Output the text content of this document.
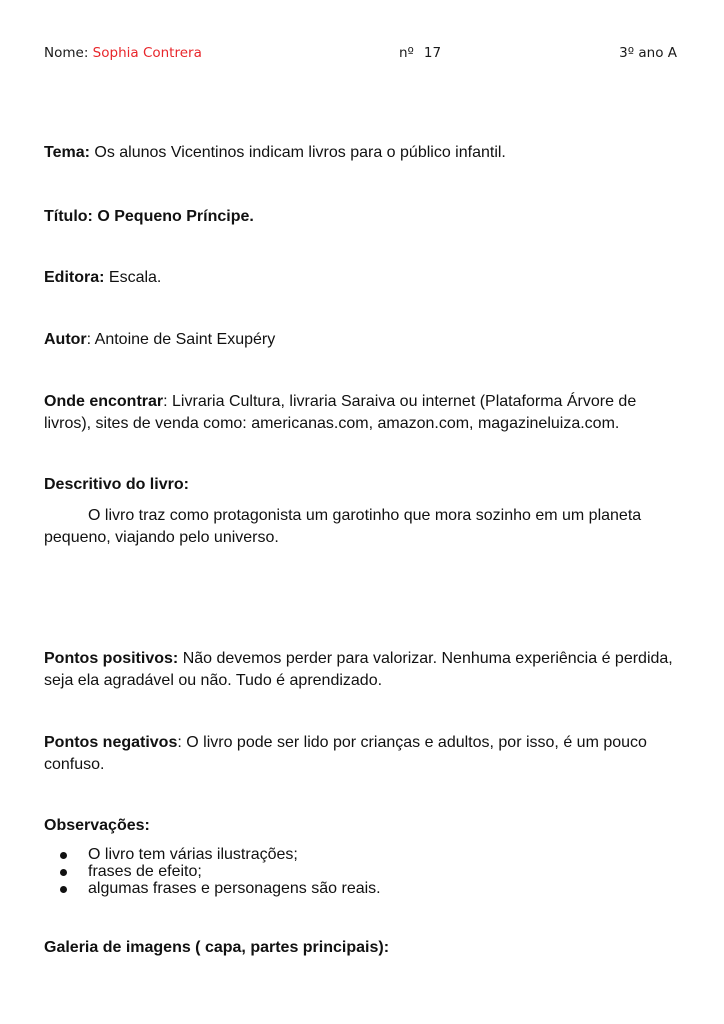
Nome: Sophia Contrera	nº 17	3º ano A
Tema: Os alunos Vicentinos indicam livros para o público infantil.
Título: O Pequeno Príncipe.
Editora: Escala.
Autor: Antoine de Saint Exupéry
Onde encontrar: Livraria Cultura, livraria Saraiva ou internet (Plataforma Árvore de livros), sites de venda como: americanas.com, amazon.com, magazineluiza.com.
Descritivo do livro:
O livro traz como protagonista um garotinho que mora sozinho em um planeta pequeno, viajando pelo universo.
Pontos positivos: Não devemos perder para valorizar. Nenhuma experiência é perdida, seja ela agradável ou não. Tudo é aprendizado.
Pontos negativos: O livro pode ser lido por crianças e adultos, por isso, é um pouco confuso.
Observações:
O livro tem várias ilustrações;
frases de efeito;
algumas frases e personagens são reais.
Galeria de imagens ( capa, partes principais):
